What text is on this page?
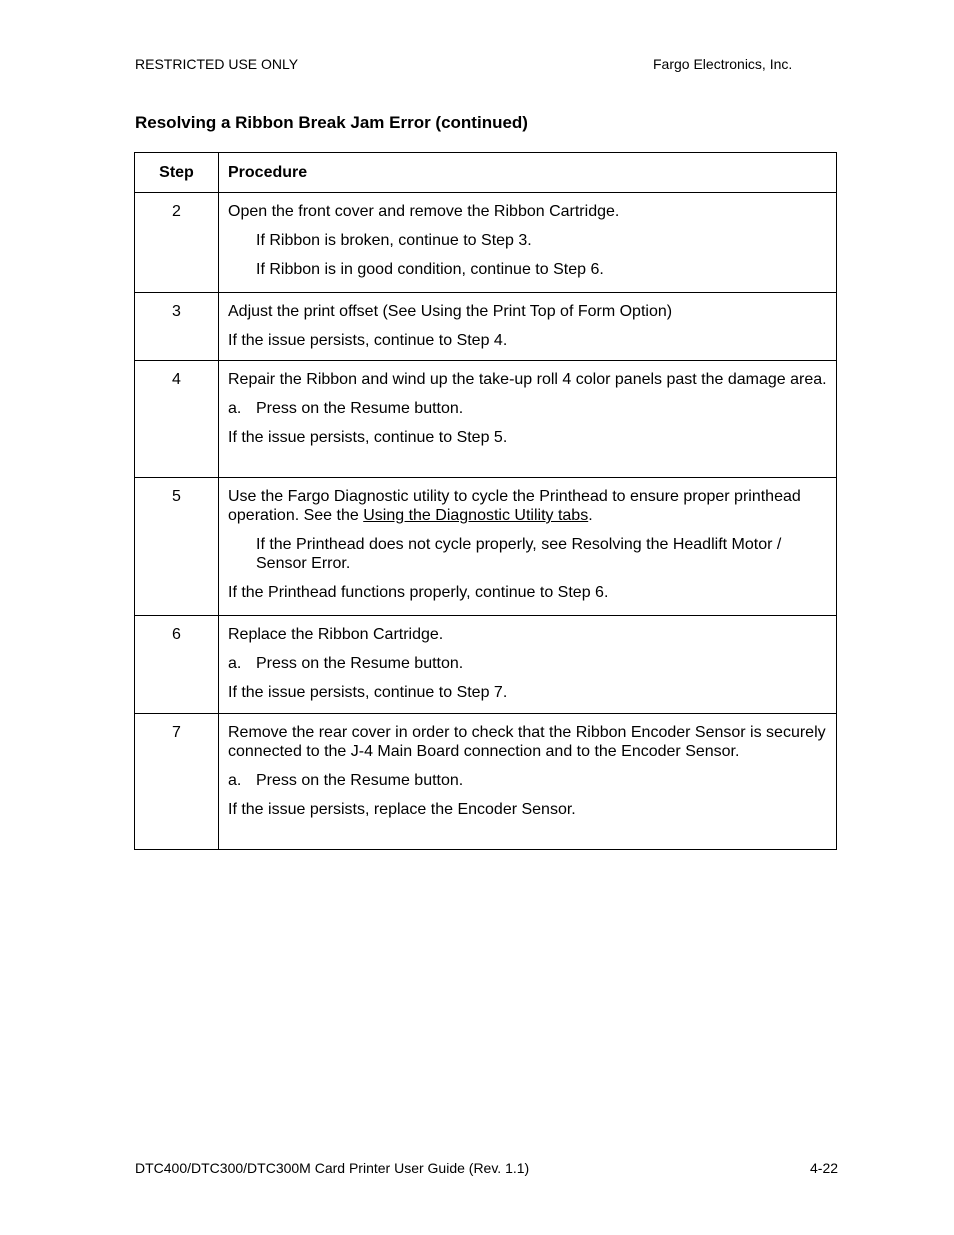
RESTRICTED USE ONLY	Fargo Electronics, Inc.
Resolving a Ribbon Break Jam Error (continued)
Step	Procedure
2	Open the front cover and remove the Ribbon Cartridge.
If Ribbon is broken, continue to Step 3.
If Ribbon is in good condition, continue to Step 6.

3	Adjust the print offset (See Using the Print Top of Form Option)
If the issue persists, continue to Step 4.

4	Repair the Ribbon and wind up the take-up roll 4 color panels past the damage area.
a. Press on the Resume button.
If the issue persists, continue to Step 5.

5	Use the Fargo Diagnostic utility to cycle the Printhead to ensure proper printhead operation. See the Using the Diagnostic Utility tabs.
If the Printhead does not cycle properly, see Resolving the Headlift Motor / Sensor Error.
If the Printhead functions properly, continue to Step 6.

6	Replace the Ribbon Cartridge.
a. Press on the Resume button.
If the issue persists, continue to Step 7.

7	Remove the rear cover in order to check that the Ribbon Encoder Sensor is securely connected to the J-4 Main Board connection and to the Encoder Sensor.
a. Press on the Resume button.
If the issue persists, replace the Encoder Sensor.
DTC400/DTC300/DTC300M Card Printer User Guide (Rev. 1.1)	4-22
